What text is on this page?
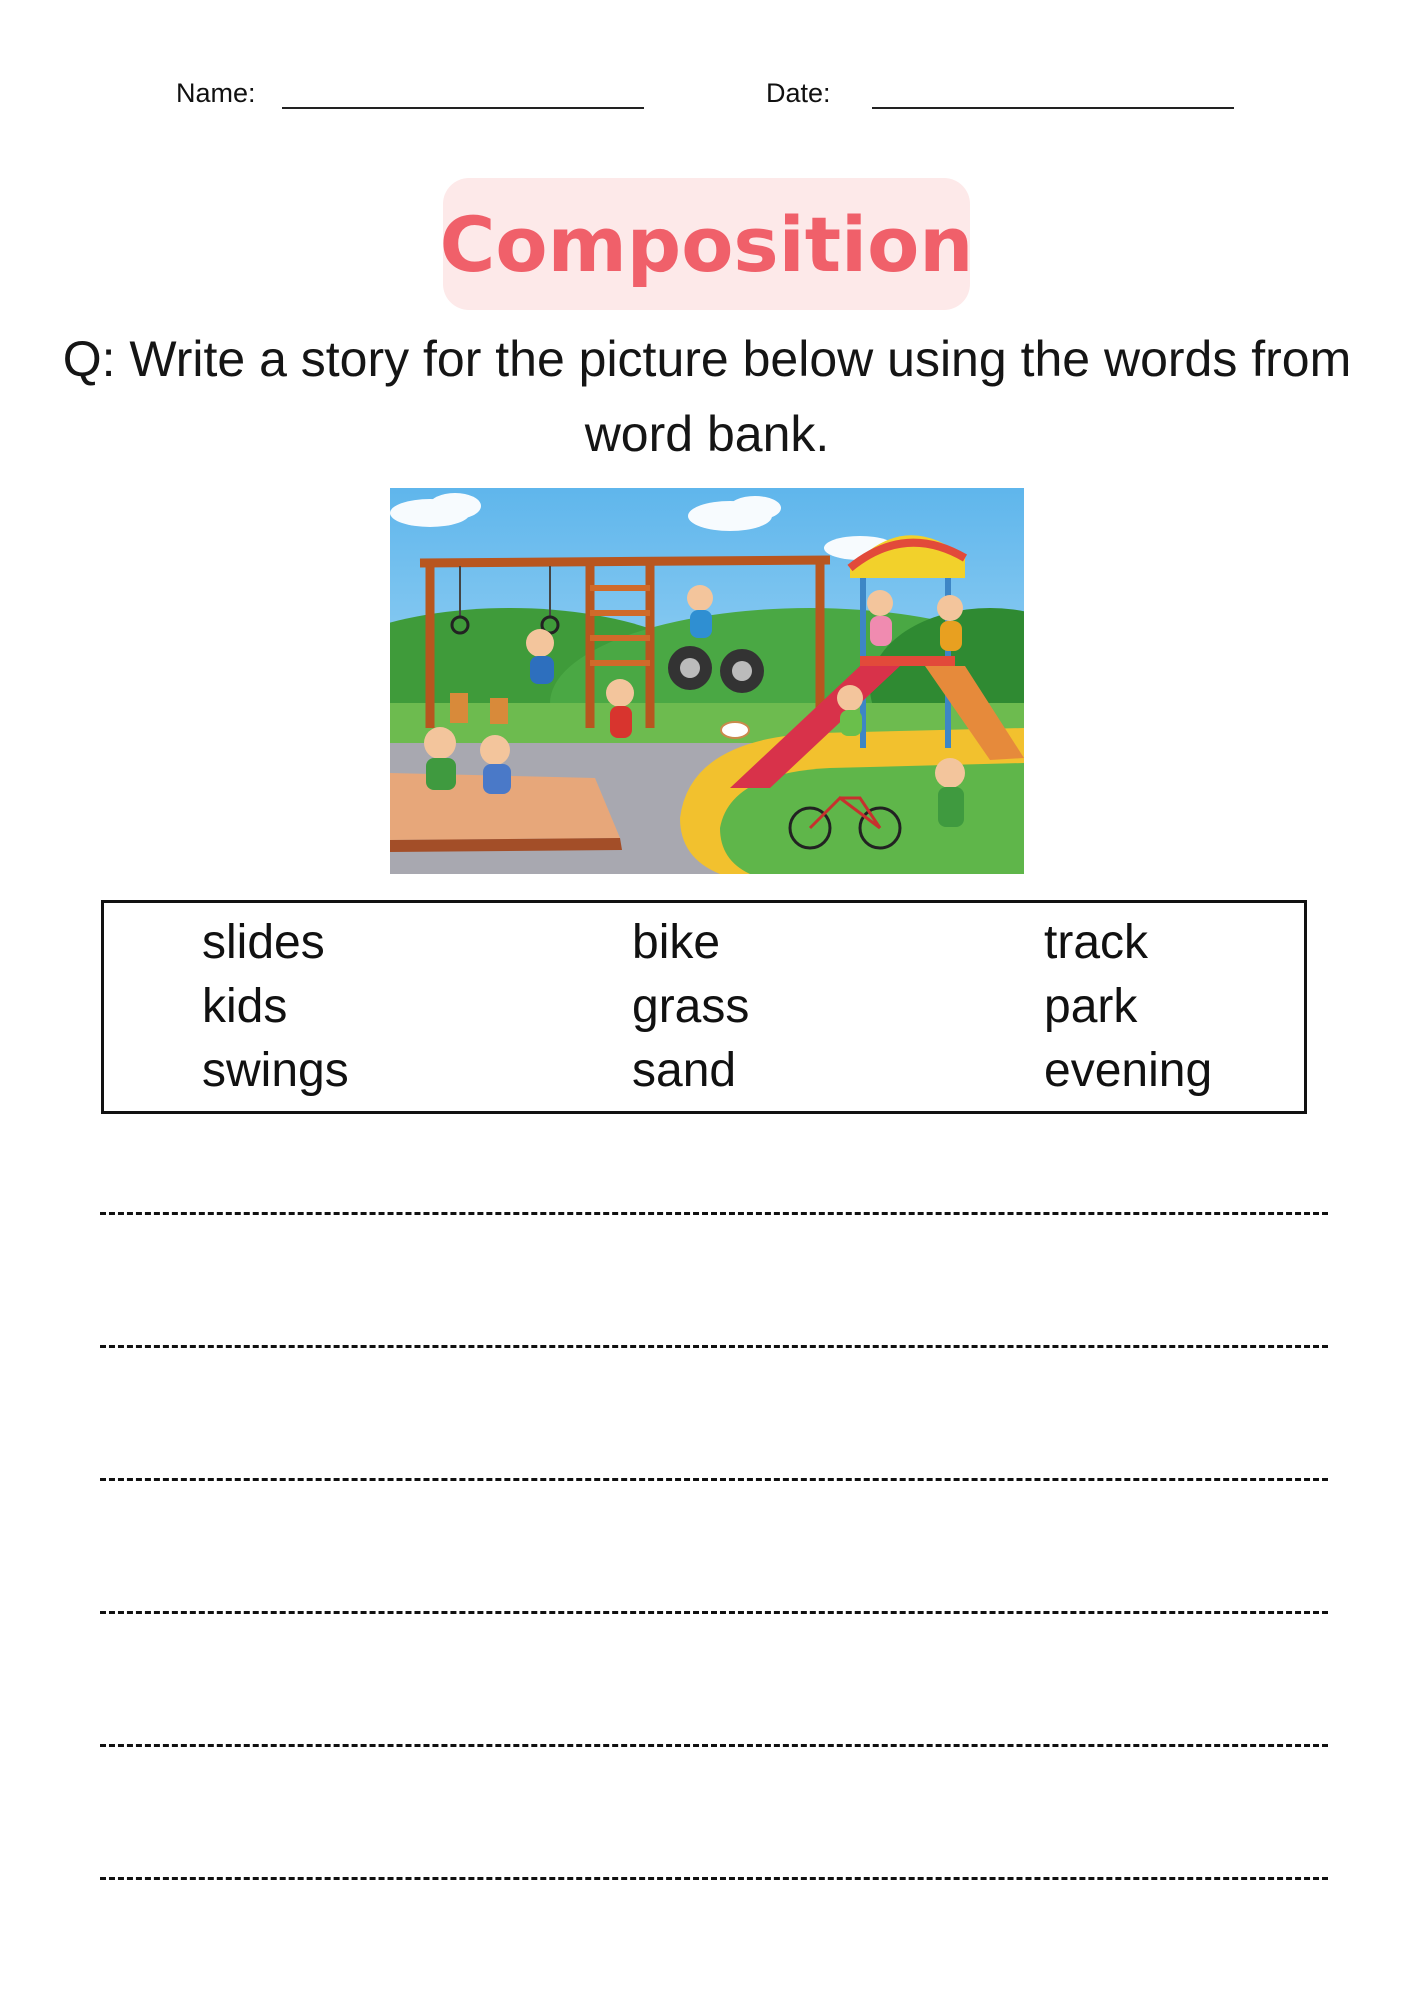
Name:	Date:
Composition
Q: Write a story for the picture below using the words from
word bank.
slides
kids
swings
bike
grass
sand
track
park
evening
